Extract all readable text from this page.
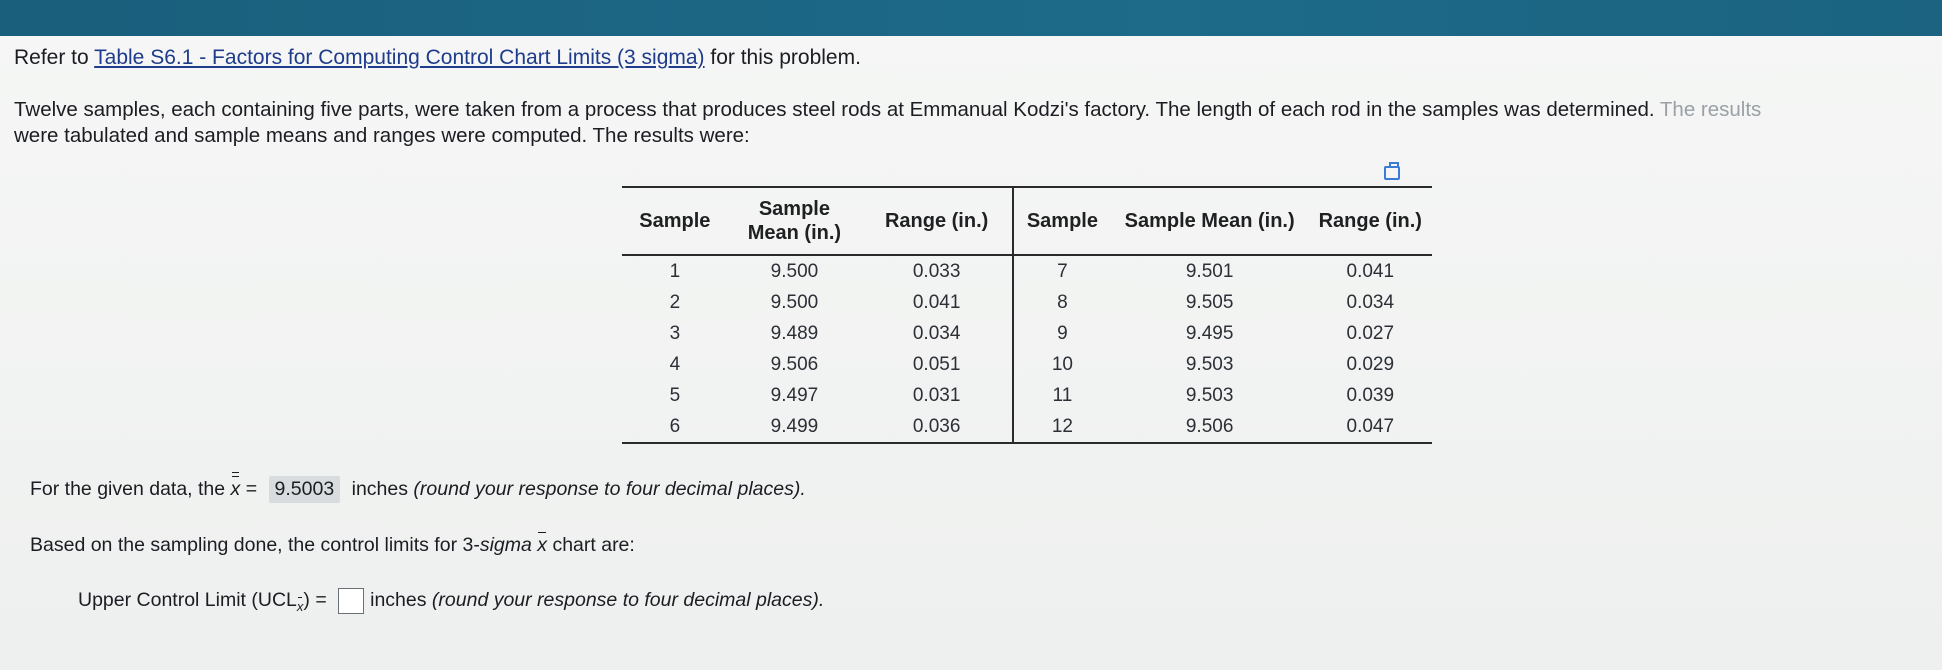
Refer to Table S6.1 - Factors for Computing Control Chart Limits (3 sigma) for this problem.
Twelve samples, each containing five parts, were taken from a process that produces steel rods at Emmanual Kodzi's factory. The length of each rod in the samples was determined. The results
were tabulated and sample means and ranges were computed. The results were:
Sample	Sample Mean (in.)	Range (in.)	Sample	Sample Mean (in.)	Range (in.)
1	9.500	0.033	7	9.501	0.041
2	9.500	0.041	8	9.505	0.034
3	9.489	0.034	9	9.495	0.027
4	9.506	0.051	10	9.503	0.029
5	9.497	0.031	11	9.503	0.039
6	9.499	0.036	12	9.506	0.047
For the given data, the x = 9.5003 inches (round your response to four decimal places).
Based on the sampling done, the control limits for 3-sigma x chart are:
Upper Control Limit $(UCL_x)$ = inches (round your response to four decimal places).
